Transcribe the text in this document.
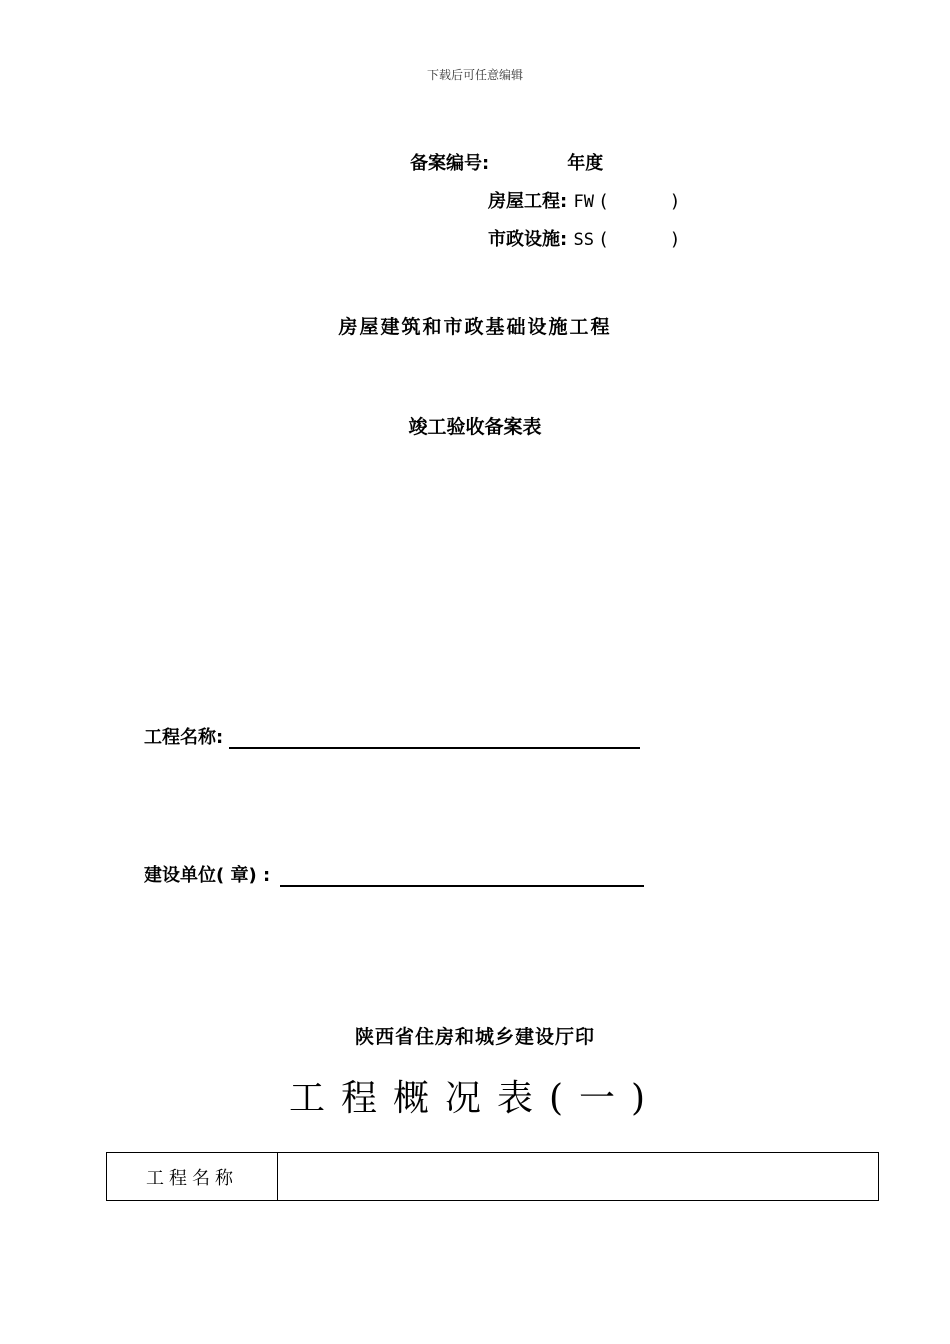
下载后可任意编辑
备案编号:	年度
房屋工程: FW (	)
市政设施: SS (	)
房屋建筑和市政基础设施工程
竣工验收备案表
工程名称:
建设单位( 章) :
陕西省住房和城乡建设厅印
工程概况表(一)
工程名称	
